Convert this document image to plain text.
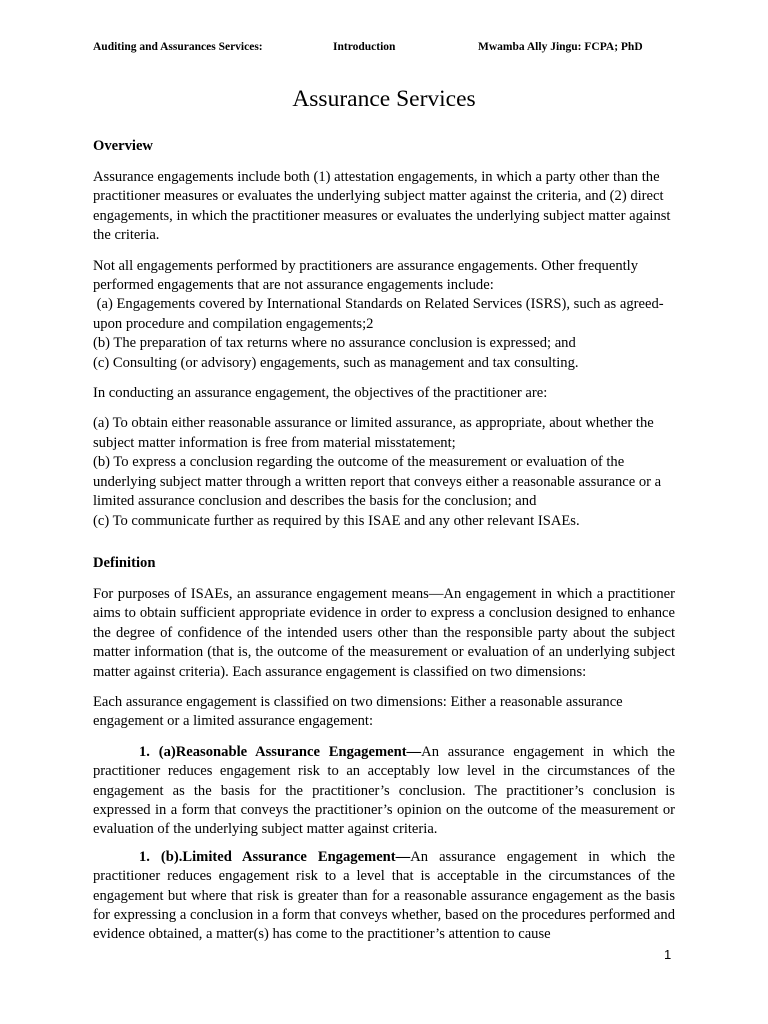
Auditing and Assurances Services:	Introduction	Mwamba Ally Jingu: FCPA; PhD
Assurance Services
Overview

Assurance engagements include both (1) attestation engagements, in which a party other than the practitioner measures or evaluates the underlying subject matter against the criteria, and (2) direct engagements, in which the practitioner measures or evaluates the underlying subject matter against the criteria.

Not all engagements performed by practitioners are assurance engagements. Other frequently performed engagements that are not assurance engagements include:
(a) Engagements covered by International Standards on Related Services (ISRS), such as agreed-upon procedure and compilation engagements;2
(b) The preparation of tax returns where no assurance conclusion is expressed; and
(c) Consulting (or advisory) engagements, such as management and tax consulting.

In conducting an assurance engagement, the objectives of the practitioner are:

(a) To obtain either reasonable assurance or limited assurance, as appropriate, about whether the subject matter information is free from material misstatement;
(b) To express a conclusion regarding the outcome of the measurement or evaluation of the underlying subject matter through a written report that conveys either a reasonable assurance or a limited assurance conclusion and describes the basis for the conclusion; and
(c) To communicate further as required by this ISAE and any other relevant ISAEs.

Definition

For purposes of ISAEs, an assurance engagement means—An engagement in which a practitioner aims to obtain sufficient appropriate evidence in order to express a conclusion designed to enhance the degree of confidence of the intended users other than the responsible party about the subject matter information (that is, the outcome of the measurement or evaluation of an underlying subject matter against criteria). Each assurance engagement is classified on two dimensions:

Each assurance engagement is classified on two dimensions: Either a reasonable assurance engagement or a limited assurance engagement:

1. (a)Reasonable Assurance Engagement—An assurance engagement in which the practitioner reduces engagement risk to an acceptably low level in the circumstances of the engagement as the basis for the practitioner’s conclusion. The practitioner’s conclusion is expressed in a form that conveys the practitioner’s opinion on the outcome of the measurement or evaluation of the underlying subject matter against criteria.

1. (b).Limited Assurance Engagement—An assurance engagement in which the practitioner reduces engagement risk to a level that is acceptable in the circumstances of the engagement but where that risk is greater than for a reasonable assurance engagement as the basis for expressing a conclusion in a form that conveys whether, based on the procedures performed and evidence obtained, a matter(s) has come to the practitioner’s attention to cause

1
